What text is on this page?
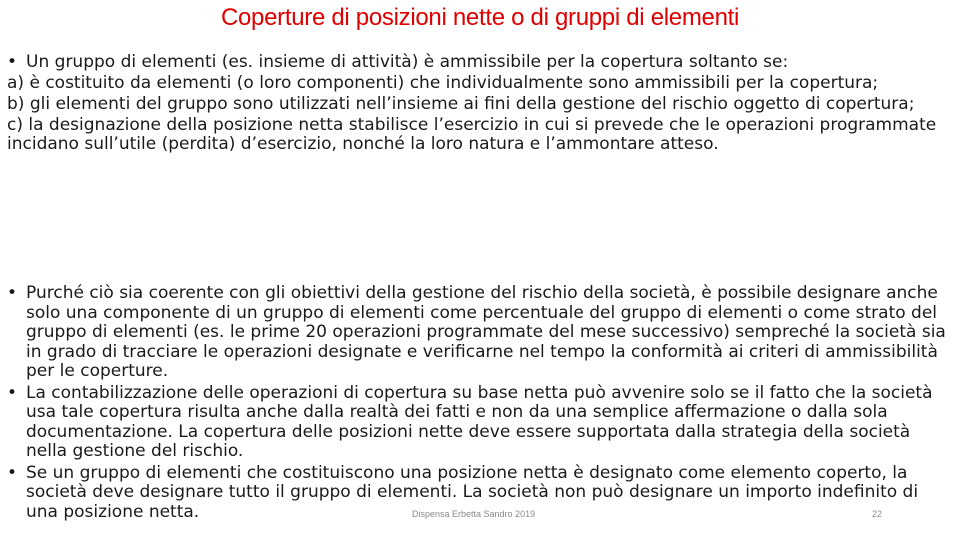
Coperture di posizioni nette o di gruppi di elementi

• Un gruppo di elementi (es. insieme di attività) è ammissibile per la copertura soltanto se:

a) è costituito da elementi (o loro componenti) che individualmente sono ammissibili per la copertura;

b) gli elementi del gruppo sono utilizzati nell’insieme ai fini della gestione del rischio oggetto di copertura;

c) la designazione della posizione netta stabilisce l’esercizio in cui si prevede che le operazioni programmate incidano sull’utile (perdita) d’esercizio, nonché la loro natura e l’ammontare atteso.

• Purché ciò sia coerente con gli obiettivi della gestione del rischio della società, è possibile designare anche solo una componente di un gruppo di elementi come percentuale del gruppo di elementi o come strato del gruppo di elementi (es. le prime 20 operazioni programmate del mese successivo) sempreché la società sia in grado di tracciare le operazioni designate e verificarne nel tempo la conformità ai criteri di ammissibilità per le coperture.
• La contabilizzazione delle operazioni di copertura su base netta può avvenire solo se il fatto che la società usa tale copertura risulta anche dalla realtà dei fatti e non da una semplice affermazione o dalla sola documentazione. La copertura delle posizioni nette deve essere supportata dalla strategia della società nella gestione del rischio.
• Se un gruppo di elementi che costituiscono una posizione netta è designato come elemento coperto, la società deve designare tutto il gruppo di elementi. La società non può designare un importo indefinito di una posizione netta.	Dispensa Erbetta Sandro 2019	22
